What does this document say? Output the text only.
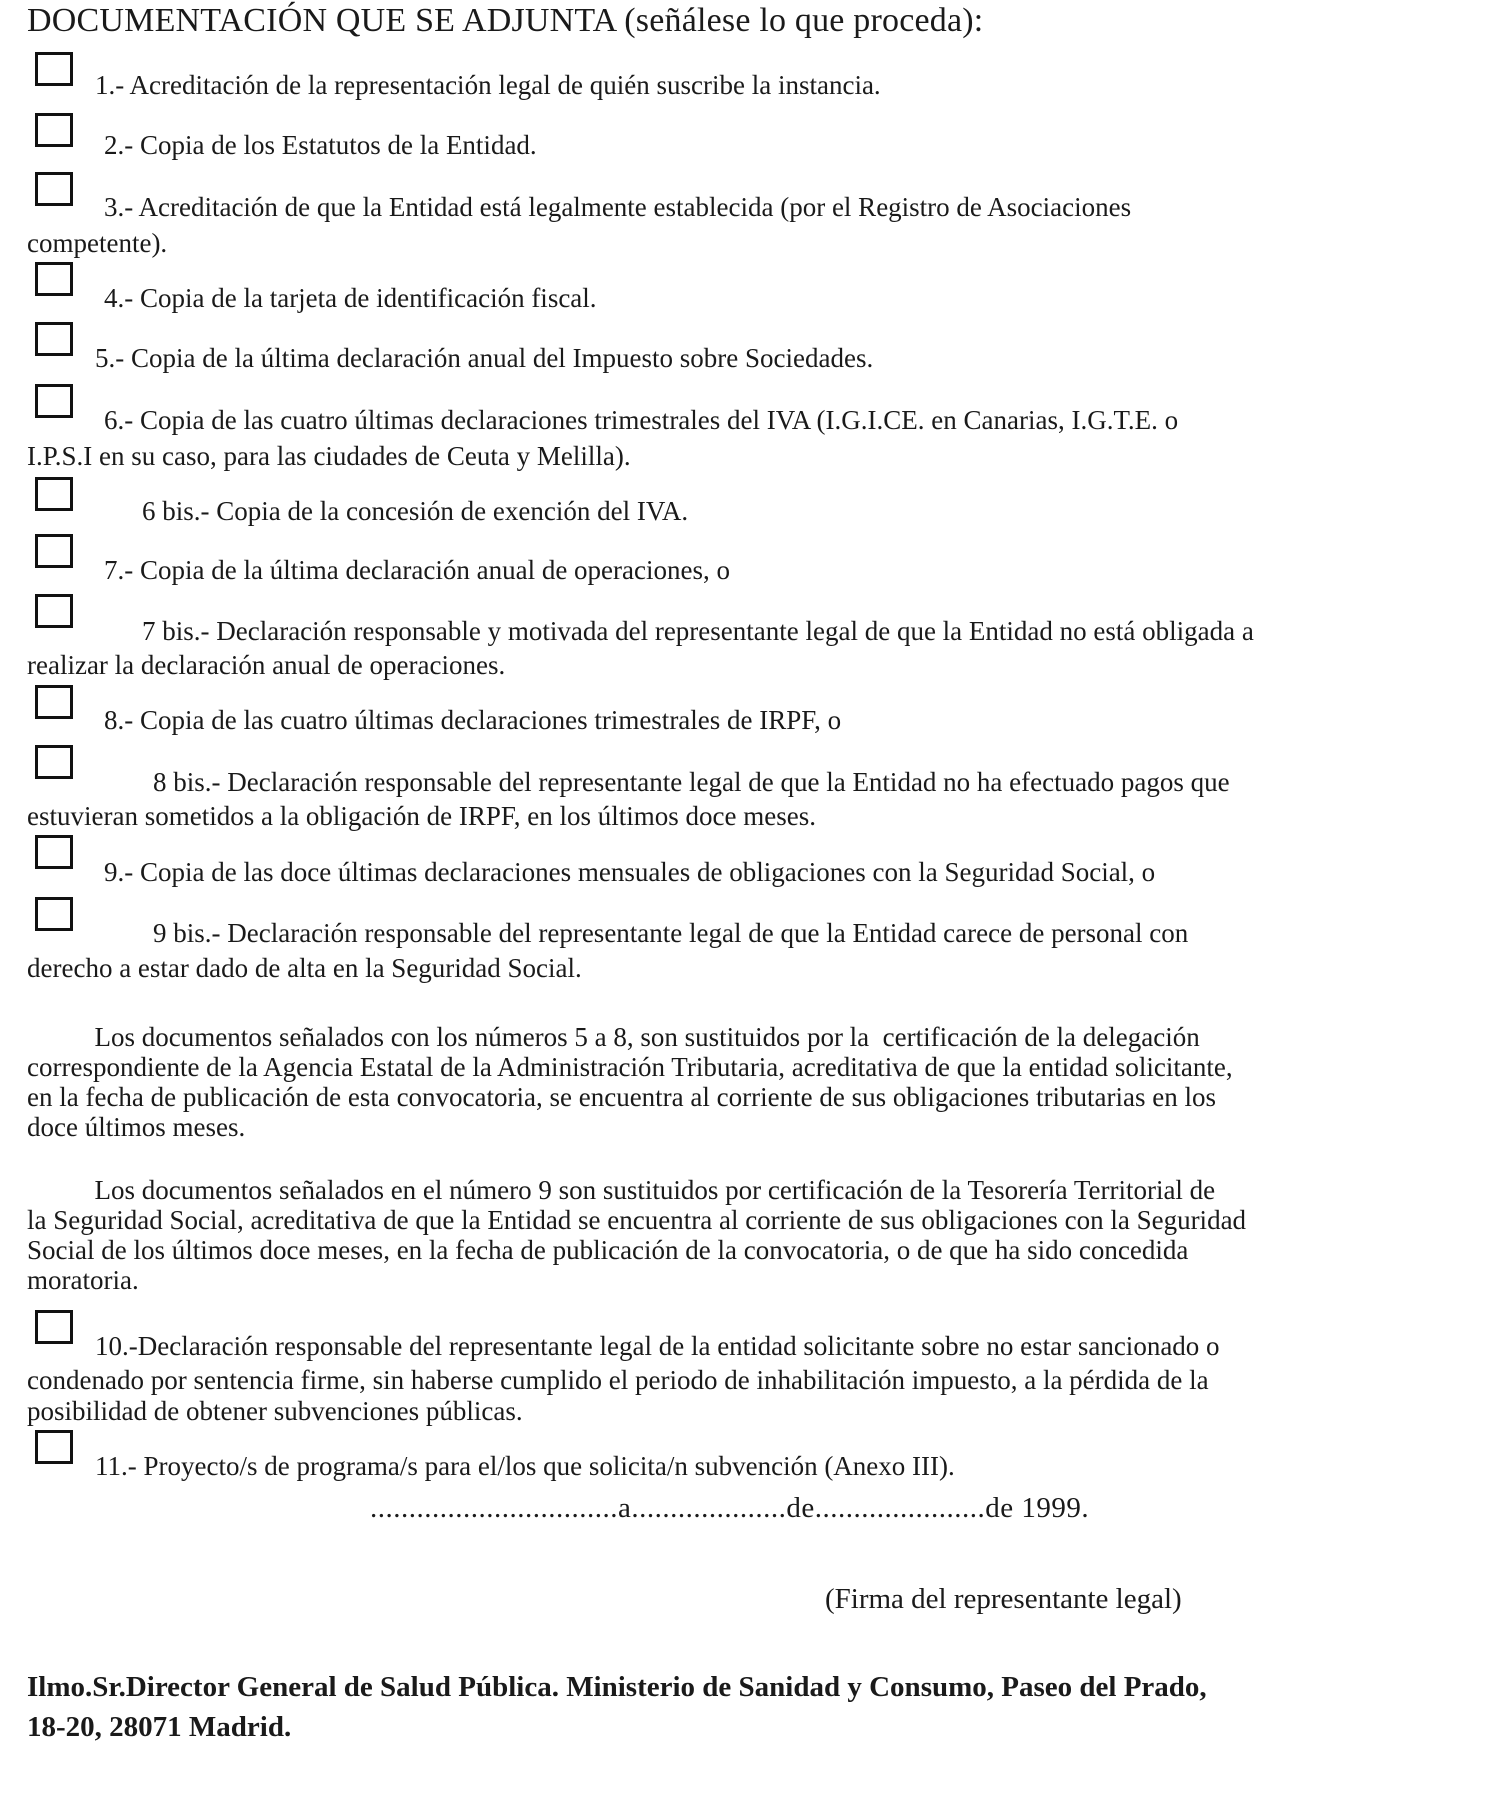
DOCUMENTACIÓN QUE SE ADJUNTA (señálese lo que proceda):
1.- Acreditación de la representación legal de quién suscribe la instancia.
2.- Copia de los Estatutos de la Entidad.
3.- Acreditación de que la Entidad está legalmente establecida (por el Registro de Asociaciones
competente).
4.- Copia de la tarjeta de identificación fiscal.
5.- Copia de la última declaración anual del Impuesto sobre Sociedades.
6.- Copia de las cuatro últimas declaraciones trimestrales del IVA (I.G.I.CE. en Canarias, I.G.T.E. o
I.P.S.I en su caso, para las ciudades de Ceuta y Melilla).
6 bis.- Copia de la concesión de exención del IVA.
7.- Copia de la última declaración anual de operaciones, o
7 bis.- Declaración responsable y motivada del representante legal de que la Entidad no está obligada a
realizar la declaración anual de operaciones.
8.- Copia de las cuatro últimas declaraciones trimestrales de IRPF, o
8 bis.- Declaración responsable del representante legal de que la Entidad no ha efectuado pagos que
estuvieran sometidos a la obligación de IRPF, en los últimos doce meses.
9.- Copia de las doce últimas declaraciones mensuales de obligaciones con la Seguridad Social, o
9 bis.- Declaración responsable del representante legal de que la Entidad carece de personal con
derecho a estar dado de alta en la Seguridad Social.
Los documentos señalados con los números 5 a 8, son sustituidos por la  certificación de la delegación
correspondiente de la Agencia Estatal de la Administración Tributaria, acreditativa de que la entidad solicitante,
en la fecha de publicación de esta convocatoria, se encuentra al corriente de sus obligaciones tributarias en los
doce últimos meses.
Los documentos señalados en el número 9 son sustituidos por certificación de la Tesorería Territorial de
la Seguridad Social, acreditativa de que la Entidad se encuentra al corriente de sus obligaciones con la Seguridad
Social de los últimos doce meses, en la fecha de publicación de la convocatoria, o de que ha sido concedida
moratoria.
10.-Declaración responsable del representante legal de la entidad solicitante sobre no estar sancionado o
condenado por sentencia firme, sin haberse cumplido el periodo de inhabilitación impuesto, a la pérdida de la
posibilidad de obtener subvenciones públicas.
11.- Proyecto/s de programa/s para el/los que solicita/n subvención (Anexo III).
................................a....................de......................de 1999.
(Firma del representante legal)
Ilmo.Sr.Director General de Salud Pública. Ministerio de Sanidad y Consumo, Paseo del Prado,
18-20, 28071 Madrid.
